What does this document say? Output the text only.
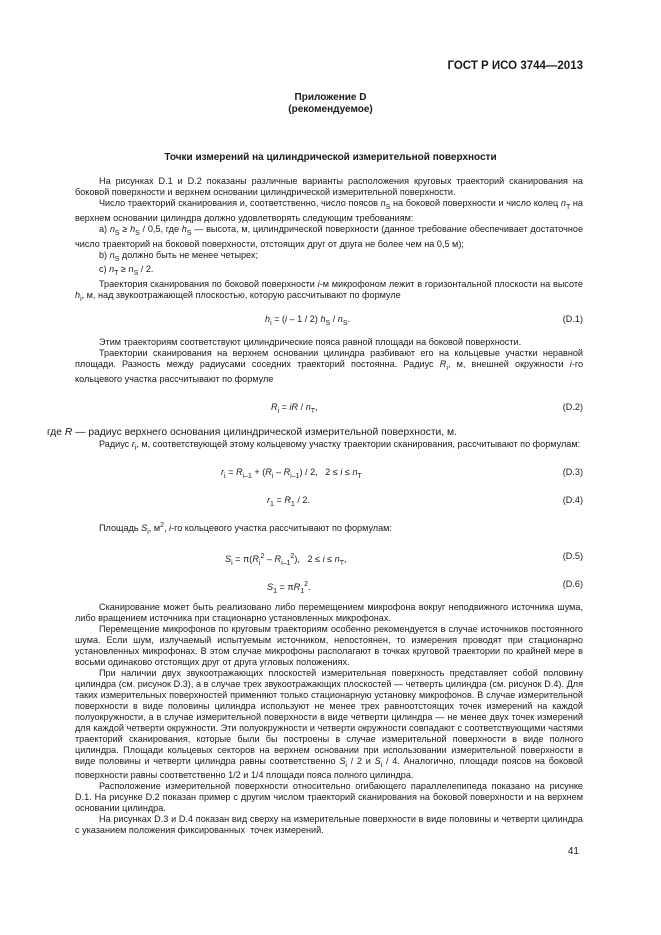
ГОСТ Р ИСО 3744—2013
Приложение D
(рекомендуемое)
Точки измерений на цилиндрической измерительной поверхности

На рисунках D.1 и D.2 показаны различные варианты расположения круговых траекторий сканирования на боковой поверхности и верхнем основании цилиндрической измерительной поверхности.

Число траекторий сканирования и, соответственно, число поясов $n_S$ на боковой поверхности и число колец $n_T$ на верхнем основании цилиндра должно удовлетворять следующим требованиям:

a) $n_S \ge h_S / 0,5$, где $h_S$ — высота, м, цилиндрической поверхности (данное требование обеспечивает достаточное число траекторий на боковой поверхности, отстоящих друг от друга не более чем на 0,5 м);

b) $n_S$ должно быть не менее четырех;

c) $n_T \ge n_S / 2$.

Траектория сканирования по боковой поверхности i-м микрофоном лежит в горизонтальной плоскости на высоте $h_i$, м, над звукоотражающей плоскостью, которую рассчитывают по формуле

$h_i = (i - 1 / 2)$ $h_S / n_S$.	(D.1)

Этим траекториям соответствуют цилиндрические пояса равной площади на боковой поверхности.

Траектории сканирования на верхнем основании цилиндра разбивают его на кольцевые участки неравной площади. Разность между радиусами соседних траекторий постоянна. Радиус $R_i$, м, внешней окружности i-го кольцевого участка рассчитывают по формуле

$R_i$ = iR / $n_T$,	(D.2)

где R — радиус верхнего основания цилиндрической измерительной поверхности, м.

Радиус $r_i$, м, соответствующей этому кольцевому участку траектории сканирования, рассчитывают по формулам:

$r_i = R_{i-1} + (R_i - R_{i-1}) / 2$,   $2 \le i \le n_T$	(D.3)
$r_1 = R_1 / 2$.	(D.4)

Площадь $S_i$, $м^2$, i-го кольцевого участка рассчитывают по формулам:

$S_i = \pi(R_i^2 - R_{i-1}^2)$,   $2 \le i \le n_T$,	(D.5)
$S_1 = \pi R_1^2$.	(D.6)

Сканирование может быть реализовано либо перемещением микрофона вокруг неподвижного источника шума, либо вращением источника при стационарно установленных микрофонах.

Перемещение микрофонов по круговым траекториям особенно рекомендуется в случае источников постоянного шума. Если шум, излучаемый испытуемым источником, непостоянен, то измерения проводят при стационарно установленных микрофонах. В этом случае микрофоны располагают в точках круговой траектории по крайней мере в восьми одинаково отстоящих друг от друга угловых положениях.

При наличии двух звукоотражающих плоскостей измерительная поверхность представляет собой половину цилиндра (см. рисунок D.3), а в случае трех звукоотражающих плоскостей — четверть цилиндра (см. рисунок D.4). Для таких измерительных поверхностей применяют только стационарную установку микрофонов. В случае измерительной поверхности в виде половины цилиндра используют не менее трех равноотстоящих точек измерений на каждой полуокружности, а в случае измерительной поверхности в виде четверти цилиндра — не менее двух точек измерений для каждой четверти окружности. Эти полуокружности и четверти окружности совпадают с соответствующими частями траекторий сканирования, которые были бы построены в случае измерительной поверхности в виде полного цилиндра. Площади кольцевых секторов на верхнем основании при использовании измерительной поверхности в виде половины и четверти цилиндра равны соответственно $S_i / 2$ и $S_i / 4$. Аналогично, площади поясов на боковой поверхности равны соответственно 1/2 и 1/4 площади пояса полного цилиндра.

Расположение измерительной поверхности относительно огибающего параллелепипеда показано на рисунке D.1. На рисунке D.2 показан пример с другим числом траекторий сканирования на боковой поверхности и на верхнем основании цилиндра.

На рисунках D.3 и D.4 показан вид сверху на измерительные поверхности в виде половины и четверти цилиндра с указанием положения фиксированных  точек измерений.

41
